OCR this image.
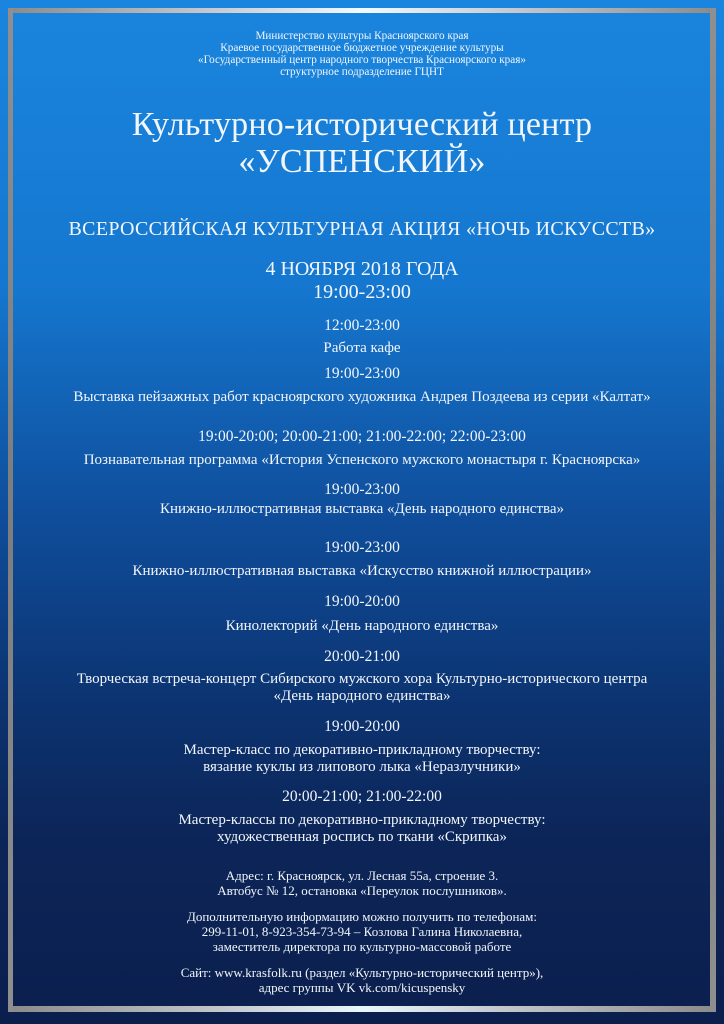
Министерство культуры Красноярского края
Краевое государственное бюджетное учреждение культуры
«Государственный центр народного творчества Красноярского края»
структурное подразделение ГЦНТ
Культурно-исторический центр
«УСПЕНСКИЙ»
ВСЕРОССИЙСКАЯ КУЛЬТУРНАЯ АКЦИЯ «НОЧЬ ИСКУССТВ»
4 НОЯБРЯ 2018 ГОДА
19:00-23:00
12:00-23:00
Работа кафе
19:00-23:00
Выставка пейзажных работ красноярского художника Андрея Поздеева из серии «Калтат»
19:00-20:00; 20:00-21:00; 21:00-22:00; 22:00-23:00
Познавательная программа «История Успенского мужского монастыря г. Красноярска»
19:00-23:00
Книжно-иллюстративная выставка «День народного единства»
19:00-23:00
Книжно-иллюстративная выставка «Искусство книжной иллюстрации»
19:00-20:00
Кинолекторий «День народного единства»
20:00-21:00
Творческая встреча-концерт Сибирского мужского хора Культурно-исторического центра
«День народного единства»
19:00-20:00
Мастер-класс по декоративно-прикладному творчеству:
вязание куклы из липового лыка «Неразлучники»
20:00-21:00; 21:00-22:00
Мастер-классы по декоративно-прикладному творчеству:
художественная роспись по ткани «Скрипка»
Адрес: г. Красноярск, ул. Лесная 55а, строение 3.
Автобус № 12, остановка «Переулок послушников».
Дополнительную информацию можно получить по телефонам:
299-11-01, 8-923-354-73-94 – Козлова Галина Николаевна,
заместитель директора по культурно-массовой работе
Сайт: www.krasfolk.ru (раздел «Культурно-исторический центр»),
адрес группы VK vk.com/kicuspensky
